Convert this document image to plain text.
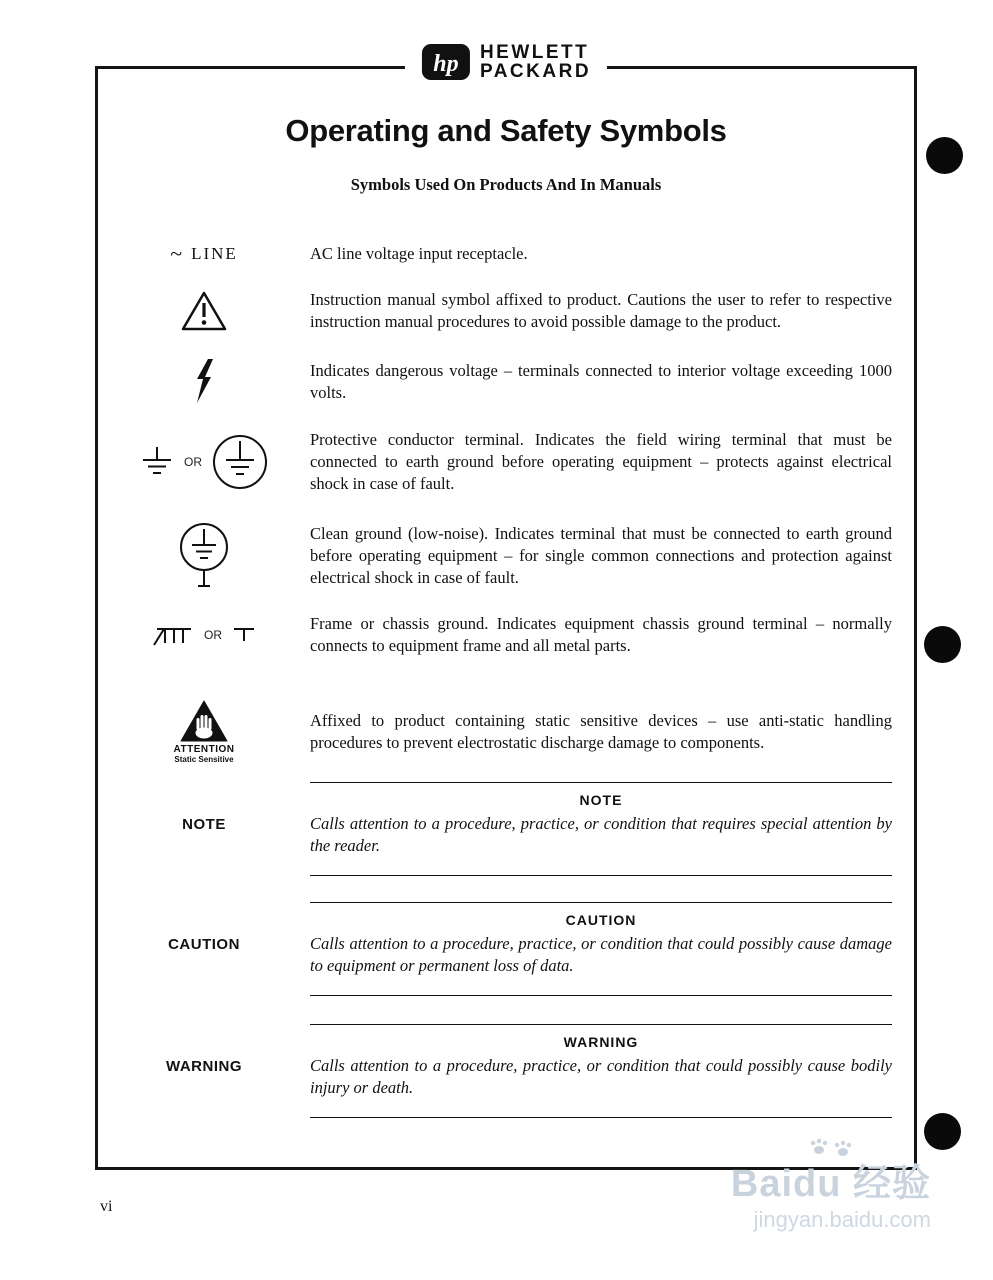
hp HEWLETT
PACKARD
Operating and Safety Symbols
Symbols Used On Products And In Manuals
~ LINE	AC line voltage input receptacle.
Instruction manual symbol affixed to product. Cautions the user to refer to respective instruction manual procedures to avoid possible damage to the product.
Indicates dangerous voltage – terminals connected to interior voltage exceeding 1000 volts.
OR
Protective conductor terminal. Indicates the field wiring terminal that must be connected to earth ground before operating equipment – protects against electrical shock in case of fault.
Clean ground (low-noise). Indicates terminal that must be connected to earth ground before operating equipment – for single common connections and protection against electrical shock in case of fault.
OR
Frame or chassis ground. Indicates equipment chassis ground terminal – normally connects to equipment frame and all metal parts.
ATTENTION
Static Sensitive
Affixed to product containing static sensitive devices – use anti-static handling procedures to prevent electrostatic discharge damage to components.
NOTE
NOTE
Calls attention to a procedure, practice, or condition that requires special attention by the reader.
CAUTION
CAUTION
Calls attention to a procedure, practice, or condition that could possibly cause damage to equipment or permanent loss of data.
WARNING
WARNING
Calls attention to a procedure, practice, or condition that could possibly cause bodily injury or death.
vi
Baidu 经验
jingyan.baidu.com
